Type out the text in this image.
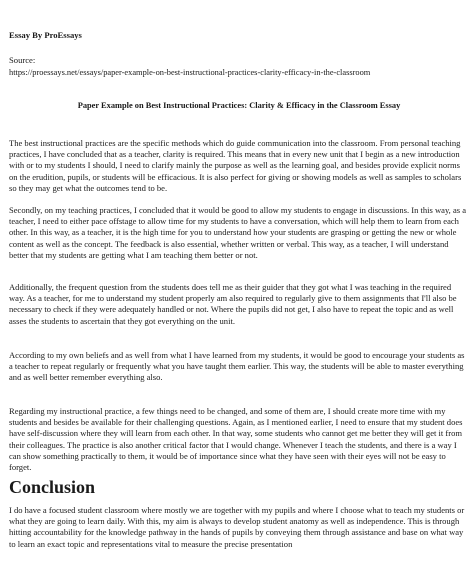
Essay By ProEssays
Source:
https://proessays.net/essays/paper-example-on-best-instructional-practices-clarity-efficacy-in-the-classroom
Paper Example on Best Instructional Practices: Clarity & Efficacy in the Classroom Essay

The best instructional practices are the specific methods which do guide communication into the classroom. From personal teaching practices, I have concluded that as a teacher, clarity is required. This means that in every new unit that I begin as a new introduction with or to my students I should, I need to clarify mainly the purpose as well as the learning goal, and besides provide explicit norms on the erudition, pupils, or students will be efficacious. It is also perfect for giving or showing models as well as samples to scholars so they may get what the outcomes tend to be.

Secondly, on my teaching practices, I concluded that it would be good to allow my students to engage in discussions. In this way, as a teacher, I need to either pace offstage to allow time for my students to have a conversation, which will help them to learn from each other. In this way, as a teacher, it is the high time for you to understand how your students are grasping or getting the new or whole content as well as the concept. The feedback is also essential, whether written or verbal. This way, as a teacher, I will understand better that my students are getting what I am teaching them better or not.

Additionally, the frequent question from the students does tell me as their guider that they got what I was teaching in the required way. As a teacher, for me to understand my student properly am also required to regularly give to them assignments that I'll also be necessary to check if they were adequately handled or not. Where the pupils did not get, I also have to repeat the topic and as well asses the students to ascertain that they got everything on the unit.

According to my own beliefs and as well from what I have learned from my students, it would be good to encourage your students as a teacher to repeat regularly or frequently what you have taught them earlier. This way, the students will be able to master everything and as well better remember everything also.

Regarding my instructional practice, a few things need to be changed, and some of them are, I should create more time with my students and besides be available for their challenging questions. Again, as I mentioned earlier, I need to ensure that my student does have self-discussion where they will learn from each other. In that way, some students who cannot get me better they will get it from their colleagues. The practice is also another critical factor that I would change. Whenever I teach the students, and there is a way I can show something practically to them, it would be of importance since what they have seen with their eyes will not be easy to forget.

Conclusion

I do have a focused student classroom where mostly we are together with my pupils and where I choose what to teach my students or what they are going to learn daily. With this, my aim is always to develop student anatomy as well as independence. This is through hitting accountability for the knowledge pathway in the hands of pupils by conveying them through assistance and base on what way to learn an exact topic and representations vital to measure the precise presentation
